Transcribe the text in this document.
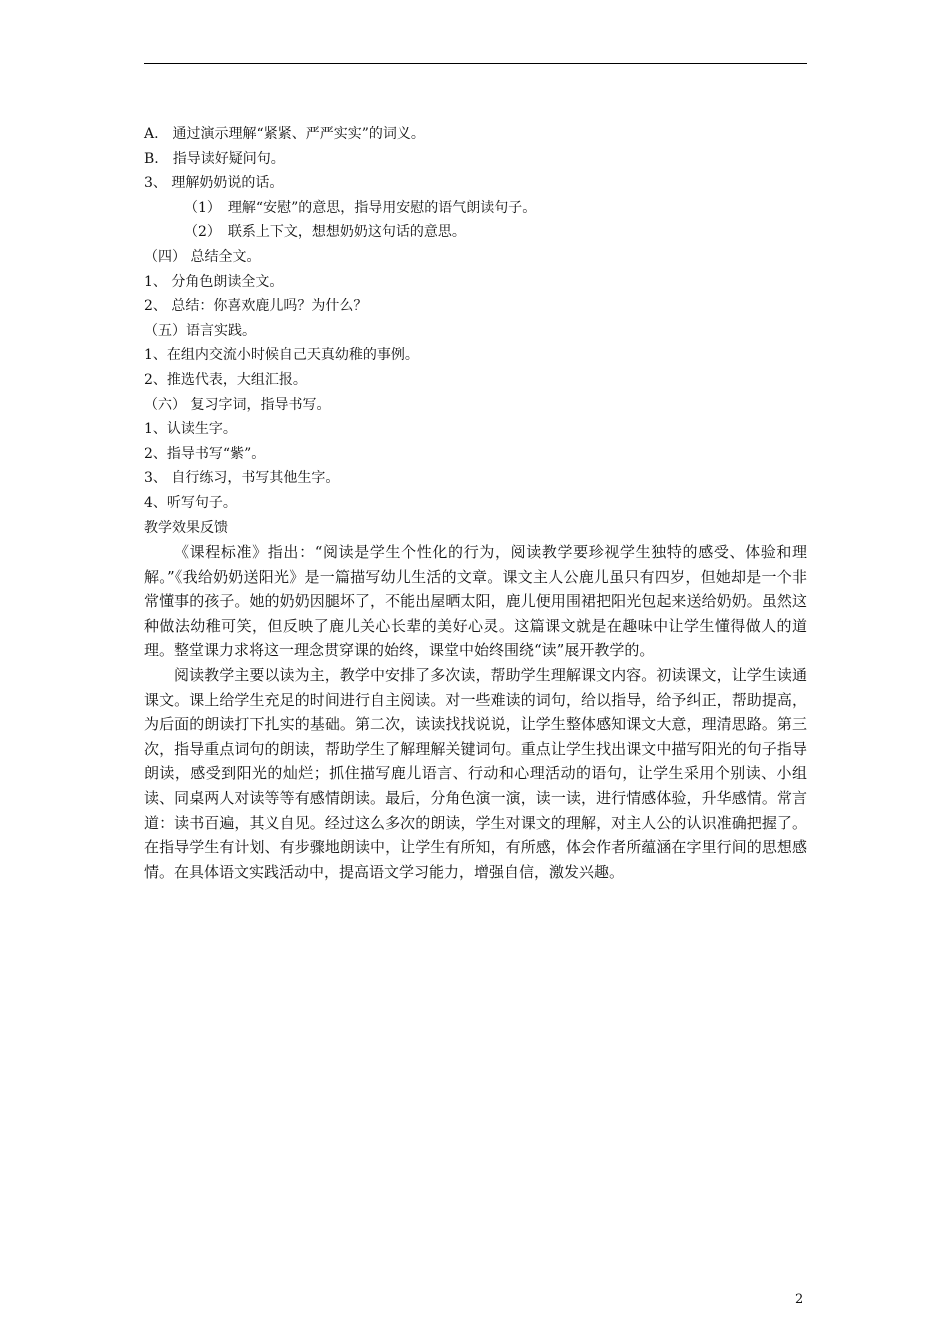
A.　通过演示理解“紧紧、严严实实”的词义。
B.　指导读好疑问句。
3、 理解奶奶说的话。
（1）　理解“安慰”的意思，指导用安慰的语气朗读句子。
（2）　联系上下文，想想奶奶这句话的意思。
（四） 总结全文。
1、 分角色朗读全文。
2、 总结：你喜欢鹿儿吗？为什么？
（五）语言实践。
1、在组内交流小时候自己天真幼稚的事例。
2、推选代表，大组汇报。
（六） 复习字词，指导书写。
1、认读生字。
2、指导书写“紫”。
3、 自行练习，书写其他生字。
4、听写句子。
教学效果反馈

《课程标准》指出：“阅读是学生个性化的行为，阅读教学要珍视学生独特的感受、体验和理解。”《我给奶奶送阳光》是一篇描写幼儿生活的文章。课文主人公鹿儿虽只有四岁，但她却是一个非常懂事的孩子。她的奶奶因腿坏了，不能出屋晒太阳，鹿儿便用围裙把阳光包起来送给奶奶。虽然这种做法幼稚可笑，但反映了鹿儿关心长辈的美好心灵。这篇课文就是在趣味中让学生懂得做人的道理。整堂课力求将这一理念贯穿课的始终，课堂中始终围绕“读”展开教学的。

阅读教学主要以读为主，教学中安排了多次读，帮助学生理解课文内容。初读课文，让学生读通课文。课上给学生充足的时间进行自主阅读。对一些难读的词句，给以指导，给予纠正，帮助提高，为后面的朗读打下扎实的基础。第二次，读读找找说说，让学生整体感知课文大意，理清思路。第三次，指导重点词句的朗读，帮助学生了解理解关键词句。重点让学生找出课文中描写阳光的句子指导朗读，感受到阳光的灿烂；抓住描写鹿儿语言、行动和心理活动的语句，让学生采用个别读、小组读、同桌两人对读等等有感情朗读。最后，分角色演一演，读一读，进行情感体验，升华感情。常言道：读书百遍，其义自见。经过这么多次的朗读，学生对课文的理解，对主人公的认识准确把握了。在指导学生有计划、有步骤地朗读中，让学生有所知，有所感，体会作者所蕴涵在字里行间的思想感情。在具体语文实践活动中，提高语文学习能力，增强自信，激发兴趣。

2
